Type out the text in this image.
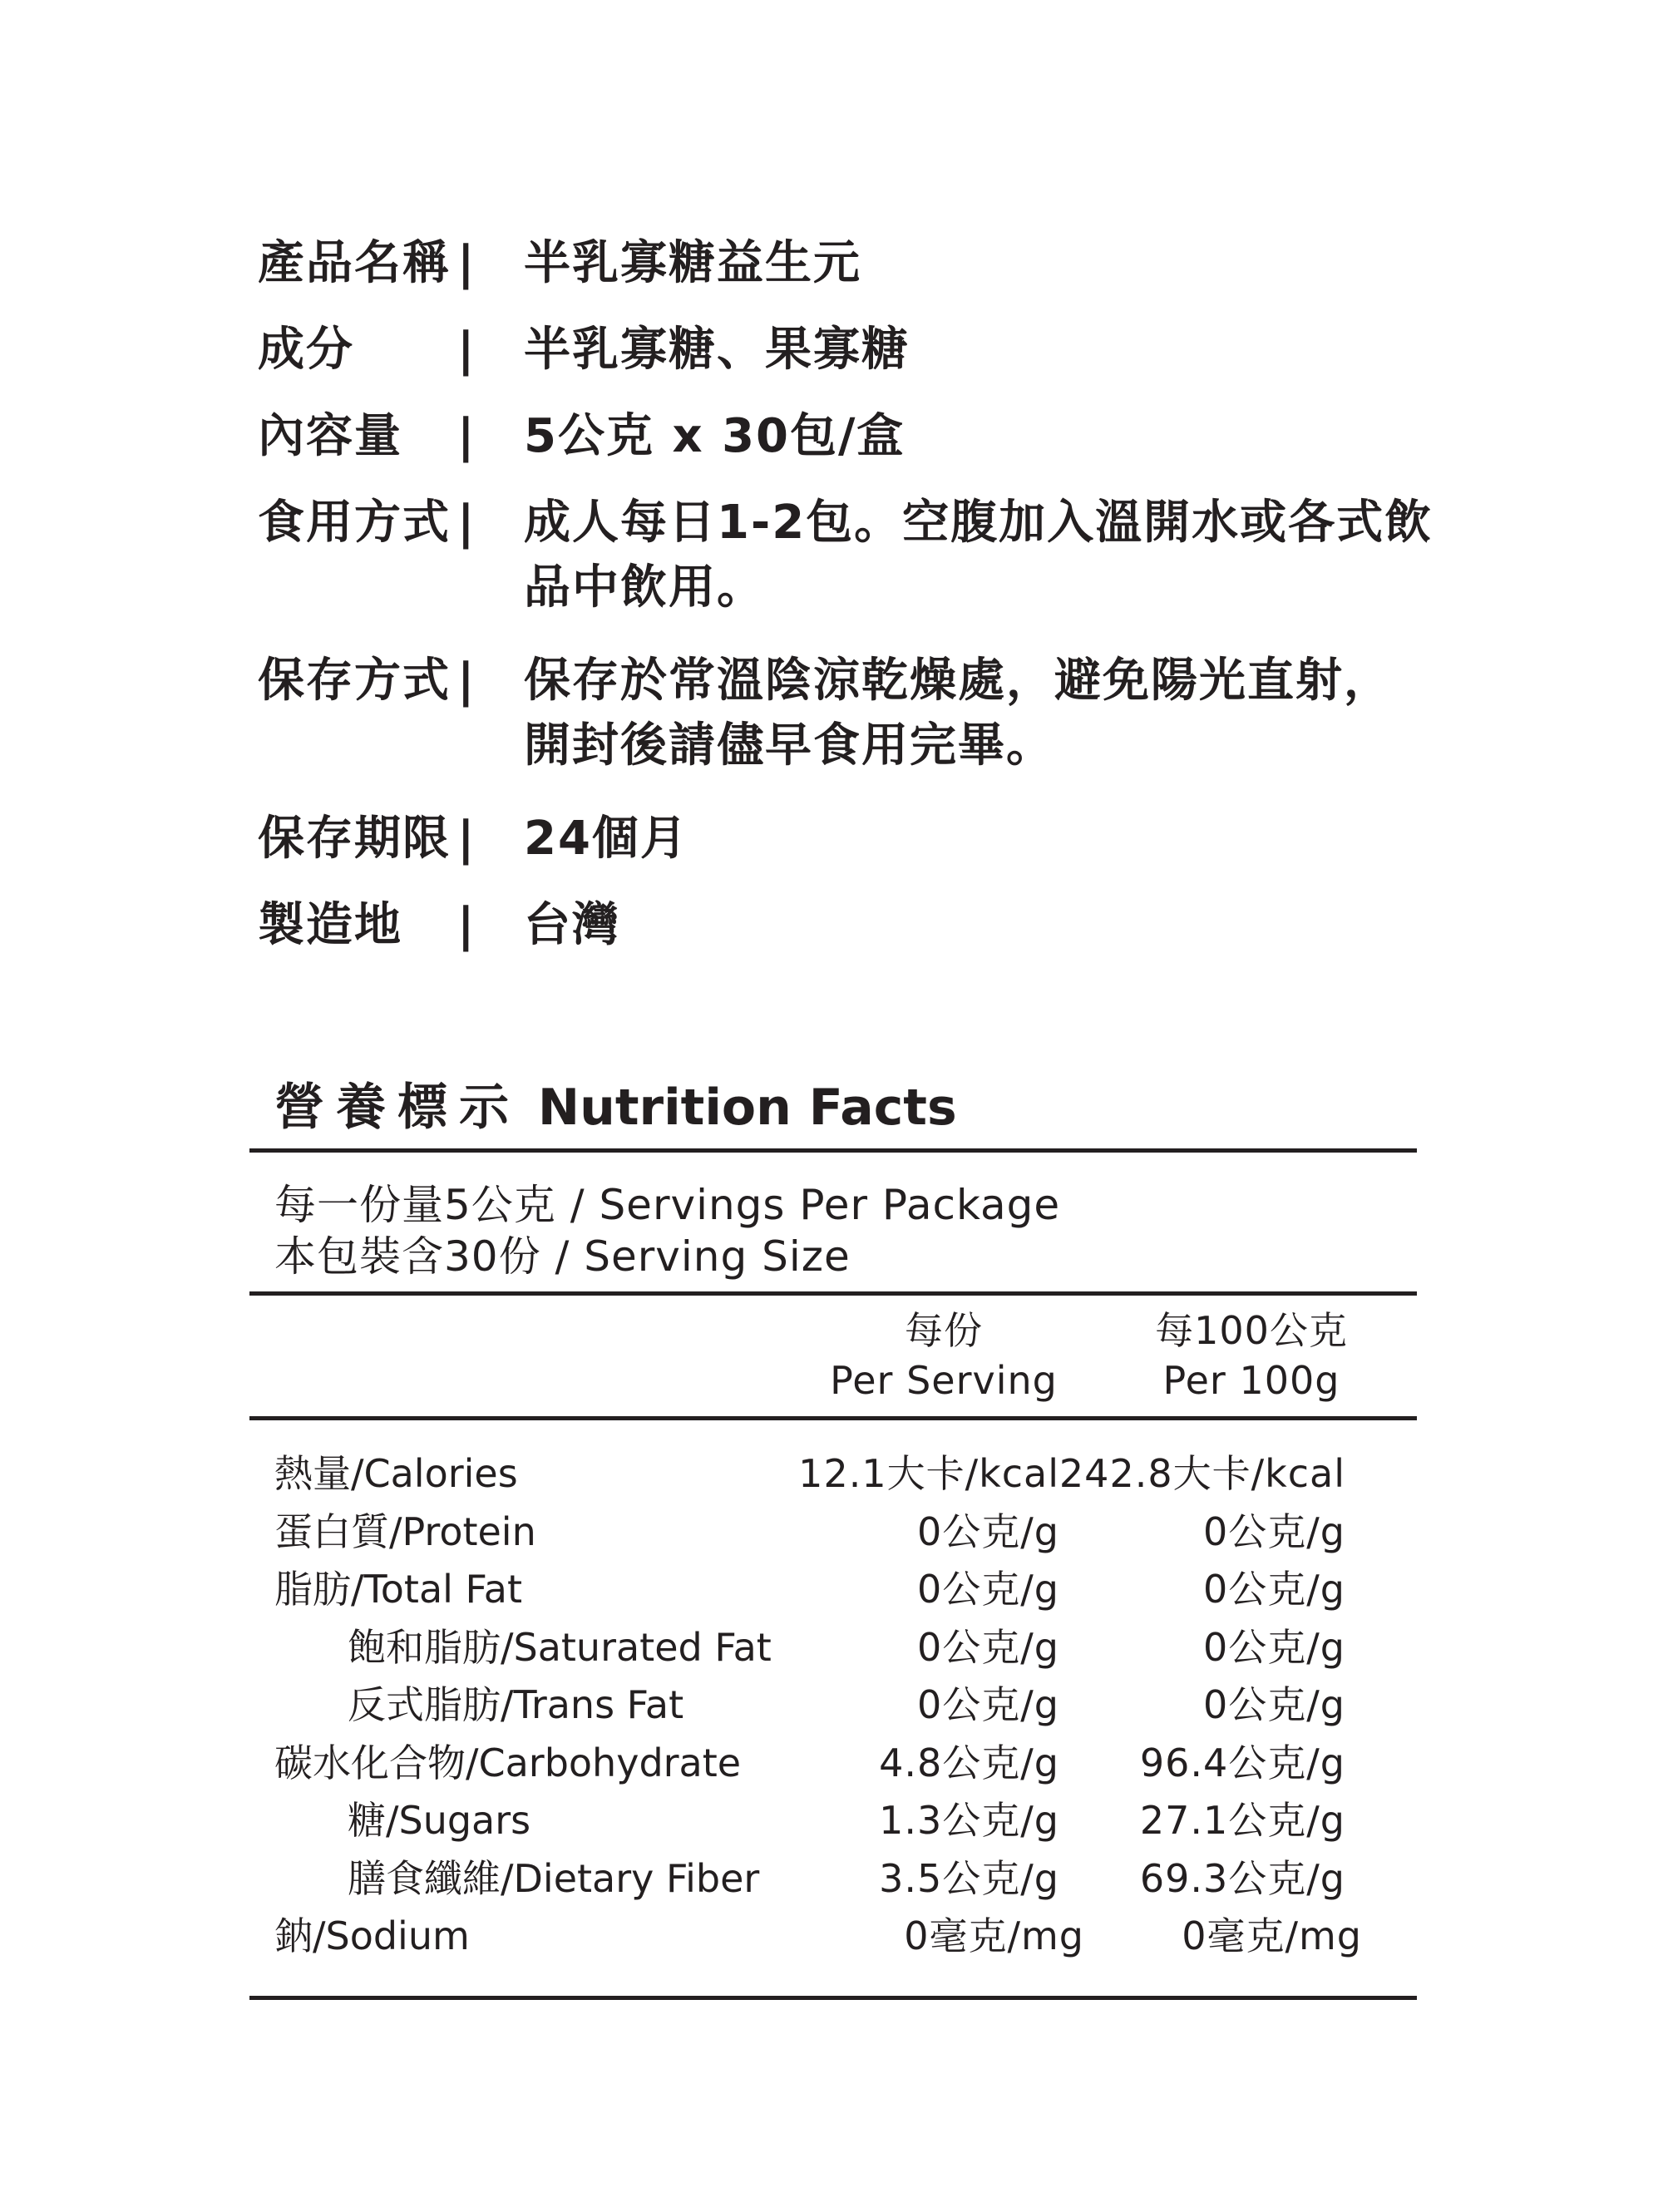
產品名稱 |	半乳寡糖益生元
成分	|	半乳寡糖、果寡糖
內容量	|	5公克 x 30包/盒
食用方式 |	成人每日1-2包。空腹加入溫開水或各式飲
品中飲用。
保存方式 |	保存於常溫陰涼乾燥處，避免陽光直射，
開封後請儘早食用完畢。
保存期限 |	24個月
製造地	|	台灣
營養標示 Nutrition Facts
每一份量5公克 / Servings Per Package
本包裝含30份 / Serving Size
每份
Per Serving
每100公克
Per 100g
熱量/Calories	12.1大卡/kcal 242.8大卡/kcal
蛋白質/Protein	0公克/g	0公克/g
脂肪/Total Fat	0公克/g	0公克/g
飽和脂肪/Saturated Fat	0公克/g	0公克/g
反式脂肪/Trans Fat	0公克/g	0公克/g
碳水化合物/Carbohydrate	4.8公克/g 96.4公克/g
糖/Sugars	1.3公克/g 27.1公克/g
膳食纖維/Dietary Fiber	3.5公克/g 69.3公克/g
鈉/Sodium	0毫克/mg	0毫克/mg
